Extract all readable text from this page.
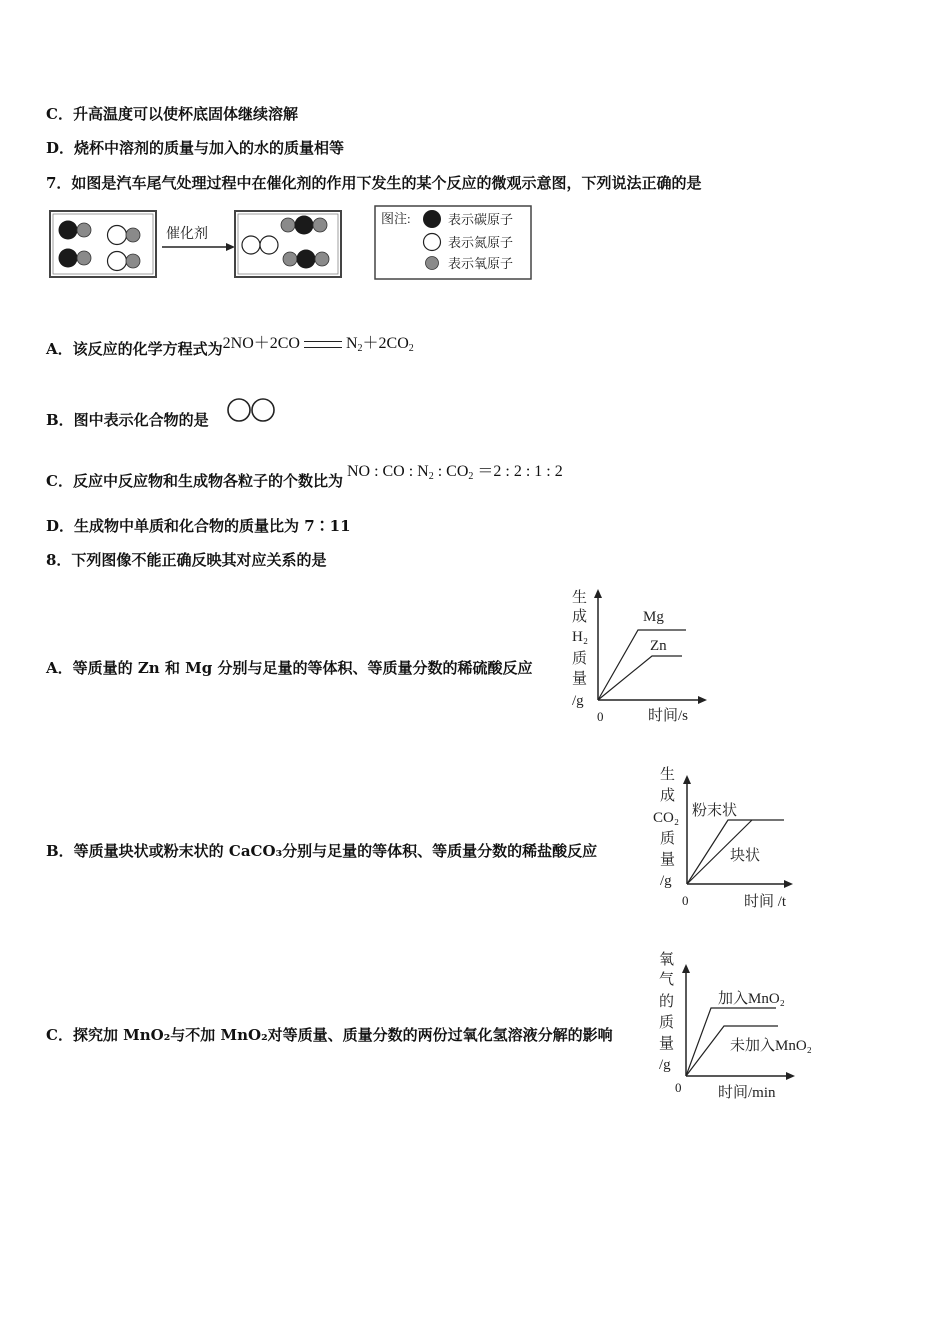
C．升高温度可以使杯底固体继续溶解
D．烧杯中溶剂的质量与加入的水的质量相等
7．如图是汽车尾气处理过程中在催化剂的作用下发生的某个反应的微观示意图，下列说法正确的是
催化剂
图注:	表示碳原子
表示氮原子
表示氧原子
A．该反应的化学方程式为2NO＋2CO	$N_2+2CO_2$
B．图中表示化合物的是
C．反应中反应物和生成物各粒子的个数比为NO : CO : $N_2$ : $CO_2 =2$ : 2 : 1 : 2
D．生成物中单质和化合物的质量比为 7∶11
8．下列图像不能正确反映其对应关系的是
A．等质量的 Zn 和 Mg 分别与足量的等体积、等质量分数的稀硫酸反应
生
成
H₂
质
量
/g
0	时间/s
Mg
Zn
B．等质量块状或粉末状的 CaCO₃分别与足量的等体积、等质量分数的稀盐酸反应
生
成
CO₂
质
量
/g
0	时间 /t
粉末状
块状
C．探究加 MnO₂与不加 MnO₂对等质量、质量分数的两份过氧化氢溶液分解的影响
氧
气
的
质
量
/g
0 时间/min
加入MnO₂
未加入MnO₂
